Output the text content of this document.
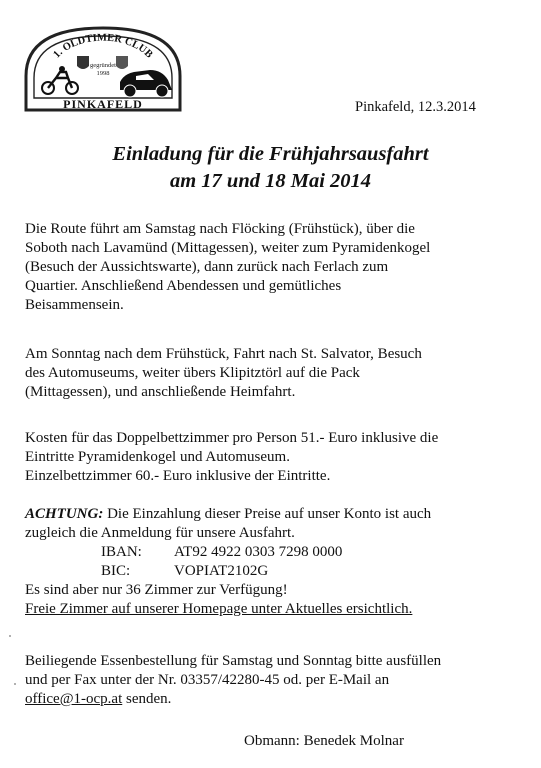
1. OLDTIMER CLUB
gegründet
1998
PINKAFELD	Pinkafeld, 12.3.2014
Einladung für die Frühjahrsausfahrt
am 17 und 18 Mai 2014
Die Route führt am Samstag nach Flöcking (Frühstück), über die
Soboth nach Lavamünd (Mittagessen), weiter zum Pyramidenkogel
(Besuch der Aussichtswarte), dann zurück nach Ferlach zum
Quartier. Anschließend Abendessen und gemütliches
Beisammensein.
Am Sonntag nach dem Frühstück, Fahrt nach St. Salvator, Besuch
des Automuseums, weiter übers Klipitztörl auf die Pack
(Mittagessen), und anschließende Heimfahrt.
Kosten für das Doppelbettzimmer pro Person 51.- Euro inklusive die
Eintritte Pyramidenkogel und Automuseum.
Einzelbettzimmer 60.- Euro inklusive der Eintritte.
ACHTUNG: Die Einzahlung dieser Preise auf unser Konto ist auch
zugleich die Anmeldung für unsere Ausfahrt.
IBAN: AT92 4922 0303 7298 0000
BIC:	VOPIAT2102G
Es sind aber nur 36 Zimmer zur Verfügung!
Freie Zimmer auf unserer Homepage unter Aktuelles ersichtlich.
Beiliegende Essenbestellung für Samstag und Sonntag bitte ausfüllen
und per Fax unter der Nr. 03357/42280-45 od. per E-Mail an
office@1-ocp.at senden.
Obmann: Benedek Molnar
